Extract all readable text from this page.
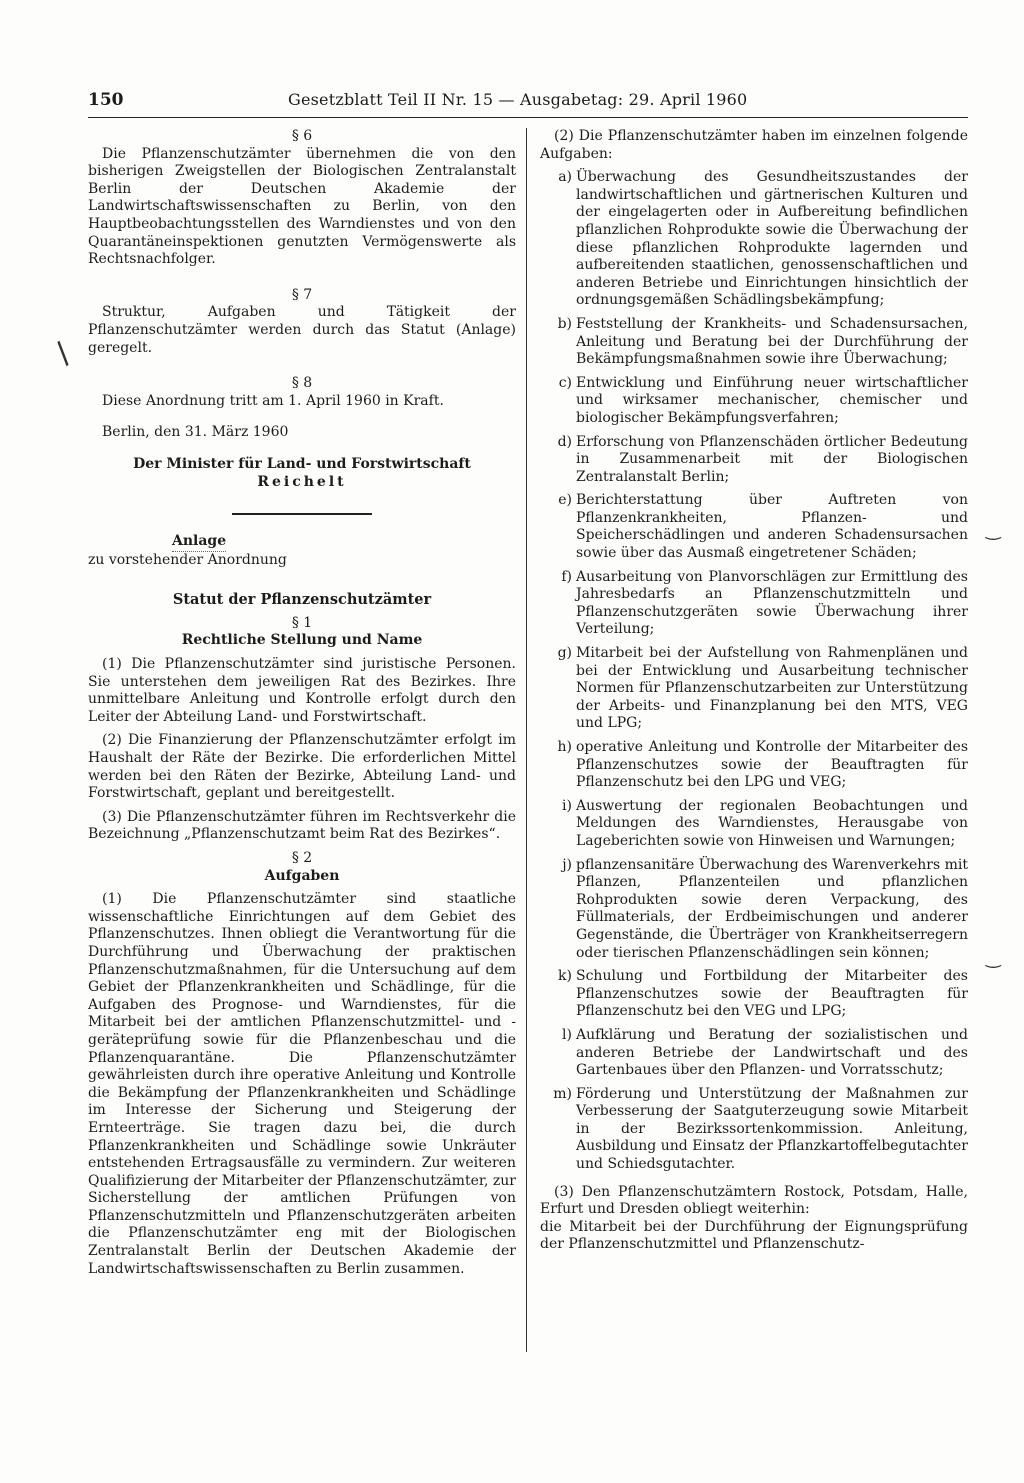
150	Gesetzblatt Teil II Nr. 15 — Ausgabetag: 29. April 1960
/
‿
‿

§ 6

Die Pflanzenschutzämter übernehmen die von den bisherigen Zweigstellen der Biologischen Zentralanstalt Berlin der Deutschen Akademie der Landwirtschaftswissenschaften zu Berlin, von den Hauptbeobachtungsstellen des Warndienstes und von den Quarantäneinspektionen genutzten Vermögenswerte als Rechtsnachfolger.

§ 7

Struktur, Aufgaben und Tätigkeit der Pflanzenschutzämter werden durch das Statut (Anlage) geregelt.

§ 8

Diese Anordnung tritt am 1. April 1960 in Kraft.

Berlin, den 31. März 1960

Der Minister für Land- und Forstwirtschaft

Reichelt

Anlage

zu vorstehender Anordnung

Statut der Pflanzenschutzämter

§ 1

Rechtliche Stellung und Name

(1) Die Pflanzenschutzämter sind juristische Personen. Sie unterstehen dem jeweiligen Rat des Bezirkes. Ihre unmittelbare Anleitung und Kontrolle erfolgt durch den Leiter der Abteilung Land- und Forstwirtschaft.

(2) Die Finanzierung der Pflanzenschutzämter erfolgt im Haushalt der Räte der Bezirke. Die erforderlichen Mittel werden bei den Räten der Bezirke, Abteilung Land- und Forstwirtschaft, geplant und bereitgestellt.

(3) Die Pflanzenschutzämter führen im Rechtsverkehr die Bezeichnung „Pflanzenschutzamt beim Rat des Bezirkes“.

§ 2

Aufgaben

(1) Die Pflanzenschutzämter sind staatliche wissenschaftliche Einrichtungen auf dem Gebiet des Pflanzenschutzes. Ihnen obliegt die Verantwortung für die Durchführung und Überwachung der praktischen Pflanzenschutzmaßnahmen, für die Untersuchung auf dem Gebiet der Pflanzenkrankheiten und Schädlinge, für die Aufgaben des Prognose- und Warndienstes, für die Mitarbeit bei der amtlichen Pflanzenschutzmittel- und -geräteprüfung sowie für die Pflanzenbeschau und die Pflanzenquarantäne. Die Pflanzenschutzämter gewährleisten durch ihre operative Anleitung und Kontrolle die Bekämpfung der Pflanzenkrankheiten und Schädlinge im Interesse der Sicherung und Steigerung der Ernteerträge. Sie tragen dazu bei, die durch Pflanzenkrankheiten und Schädlinge sowie Unkräuter entstehenden Ertragsausfälle zu vermindern. Zur weiteren Qualifizierung der Mitarbeiter der Pflanzenschutzämter, zur Sicherstellung der amtlichen Prüfungen von Pflanzenschutzmitteln und Pflanzenschutzgeräten arbeiten die Pflanzenschutzämter eng mit der Biologischen Zentralanstalt Berlin der Deutschen Akademie der Landwirtschaftswissenschaften zu Berlin zusammen.

(2) Die Pflanzenschutzämter haben im einzelnen folgende Aufgaben:

a) Überwachung des Gesundheitszustandes der landwirtschaftlichen und gärtnerischen Kulturen und der eingelagerten oder in Aufbereitung befindlichen pflanzlichen Rohprodukte sowie die Überwachung der diese pflanzlichen Rohprodukte lagernden und aufbereitenden staatlichen, genossenschaftlichen und anderen Betriebe und Einrichtungen hinsichtlich der ordnungsgemäßen Schädlingsbekämpfung;

b) Feststellung der Krankheits- und Schadensursachen, Anleitung und Beratung bei der Durchführung der Bekämpfungsmaßnahmen sowie ihre Überwachung;

c) Entwicklung und Einführung neuer wirtschaftlicher und wirksamer mechanischer, chemischer und biologischer Bekämpfungsverfahren;

d) Erforschung von Pflanzenschäden örtlicher Bedeutung in Zusammenarbeit mit der Biologischen Zentralanstalt Berlin;

e) Berichterstattung über Auftreten von Pflanzenkrankheiten, Pflanzen- und Speicherschädlingen und anderen Schadensursachen sowie über das Ausmaß eingetretener Schäden;

f) Ausarbeitung von Planvorschlägen zur Ermittlung des Jahresbedarfs an Pflanzenschutzmitteln und Pflanzenschutzgeräten sowie Überwachung ihrer Verteilung;

g) Mitarbeit bei der Aufstellung von Rahmenplänen und bei der Entwicklung und Ausarbeitung technischer Normen für Pflanzenschutzarbeiten zur Unterstützung der Arbeits- und Finanzplanung bei den MTS, VEG und LPG;

h) operative Anleitung und Kontrolle der Mitarbeiter des Pflanzenschutzes sowie der Beauftragten für Pflanzenschutz bei den LPG und VEG;

i) Auswertung der regionalen Beobachtungen und Meldungen des Warndienstes, Herausgabe von Lageberichten sowie von Hinweisen und Warnungen;

j) pflanzensanitäre Überwachung des Warenverkehrs mit Pflanzen, Pflanzenteilen und pflanzlichen Rohprodukten sowie deren Verpackung, des Füllmaterials, der Erdbeimischungen und anderer Gegenstände, die Überträger von Krankheitserregern oder tierischen Pflanzenschädlingen sein können;

k) Schulung und Fortbildung der Mitarbeiter des Pflanzenschutzes sowie der Beauftragten für Pflanzenschutz bei den VEG und LPG;

l) Aufklärung und Beratung der sozialistischen und anderen Betriebe der Landwirtschaft und des Gartenbaues über den Pflanzen- und Vorratsschutz;

m) Förderung und Unterstützung der Maßnahmen zur Verbesserung der Saatguterzeugung sowie Mitarbeit in der Bezirkssortenkommission. Anleitung, Ausbildung und Einsatz der Pflanzkartoffelbegutachter und Schiedsgutachter.

(3) Den Pflanzenschutzämtern Rostock, Potsdam, Halle, Erfurt und Dresden obliegt weiterhin:

die Mitarbeit bei der Durchführung der Eignungsprüfung der Pflanzenschutzmittel und Pflanzenschutz-
